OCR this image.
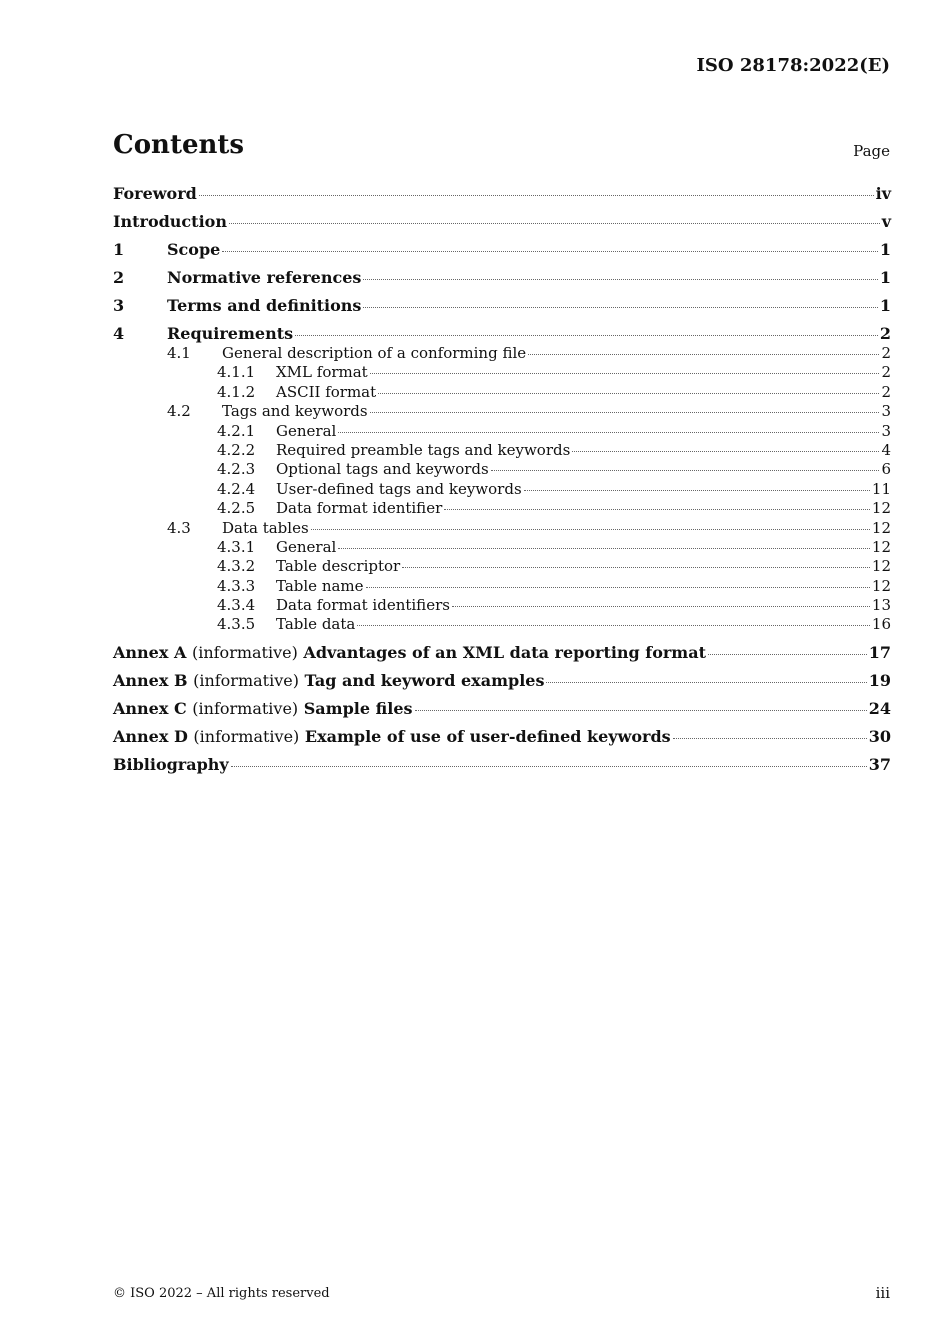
ISO 28178:2022(E)
Contents	Page
Foreword	iv
Introduction	v
1	Scope	1
2	Normative references	1
3	Terms and definitions	1
4	Requirements	2
4.1	General description of a conforming file	2
4.1.1	XML format	2
4.1.2	ASCII format	2
4.2	Tags and keywords	3
4.2.1	General	3
4.2.2	Required preamble tags and keywords	4
4.2.3	Optional tags and keywords	6
4.2.4	User-defined tags and keywords	11
4.2.5	Data format identifier	12
4.3	Data tables	12
4.3.1	General	12
4.3.2	Table descriptor	12
4.3.3	Table name	12
4.3.4	Data format identifiers	13
4.3.5	Table data	16
Annex A (informative) Advantages of an XML data reporting format	17
Annex B (informative) Tag and keyword examples	19
Annex C (informative) Sample files	24
Annex D (informative) Example of use of user-defined keywords	30
Bibliography	37
© ISO 2022 – All rights reserved	iii
